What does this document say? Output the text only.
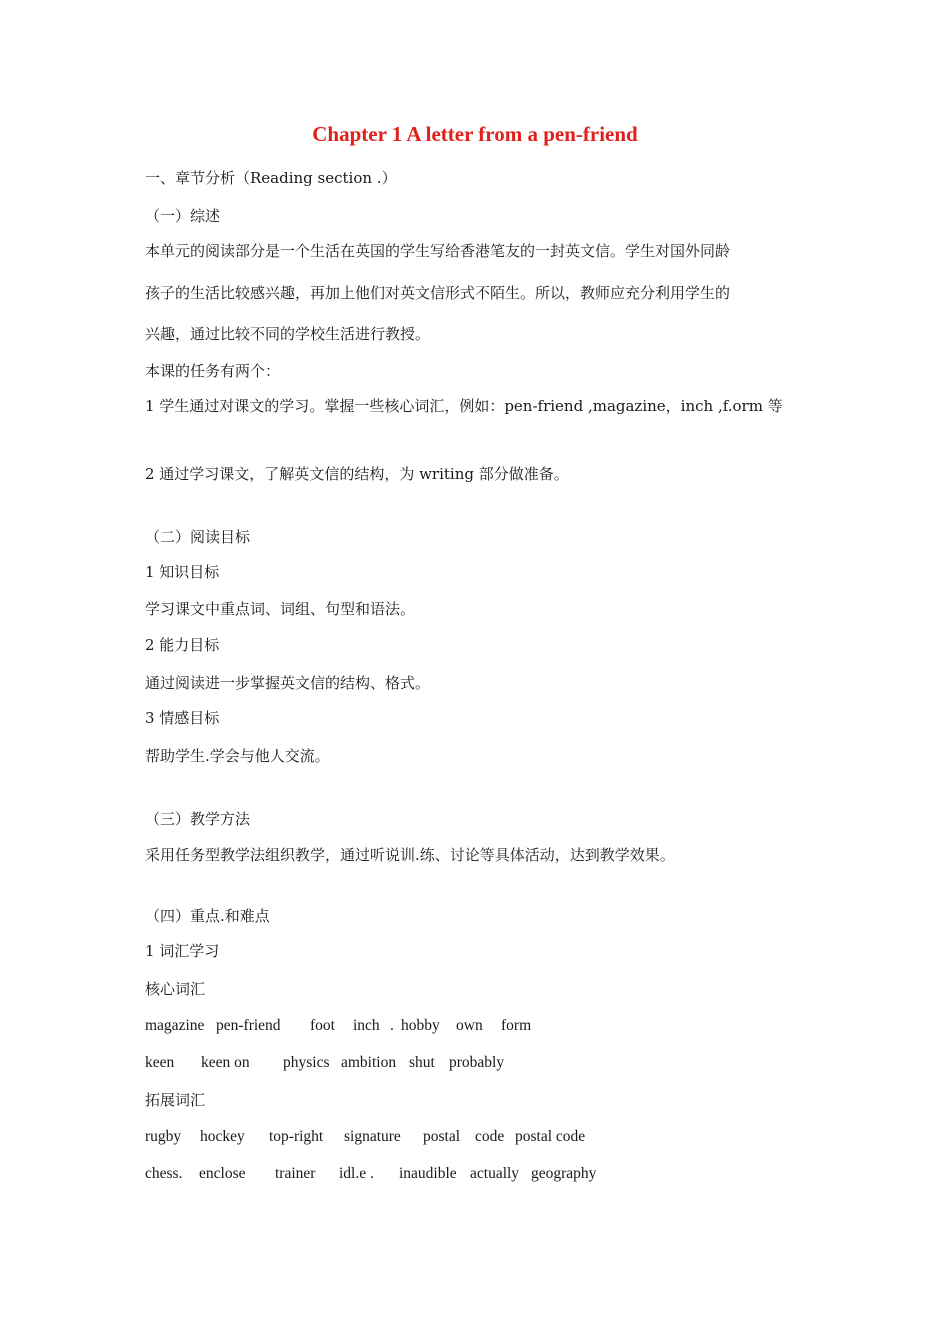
Chapter 1 A letter from a pen-friend
一、章节分析（Reading section .）
（一）综述
本单元的阅读部分是一个生活在英国的学生写给香港笔友的一封英文信。学生对国外同龄
孩子的生活比较感兴趣，再加上他们对英文信形式不陌生。所以，教师应充分利用学生的
兴趣，通过比较不同的学校生活进行教授。
本课的任务有两个：
1 学生通过对课文的学习。掌握一些核心词汇，例如：pen-friend ,magazine，inch ,f.orm 等
2 通过学习课文，了解英文信的结构，为 writing 部分做准备。
（二）阅读目标
1 知识目标
学习课文中重点词、词组、句型和语法。
2 能力目标
通过阅读进一步掌握英文信的结构、格式。
3 情感目标
帮助学生.学会与他人交流。
（三）教学方法
采用任务型教学法组织教学，通过听说训.练、讨论等具体活动，达到教学效果。
（四）重点.和难点
1 词汇学习
核心词汇
magazine pen-friend foot inch . hobby own form
keen keen on physics ambition shut probably
拓展词汇
rugby hockey top-right signature postal code postal code
chess. enclose trainer idl.e . inaudible actually geography
